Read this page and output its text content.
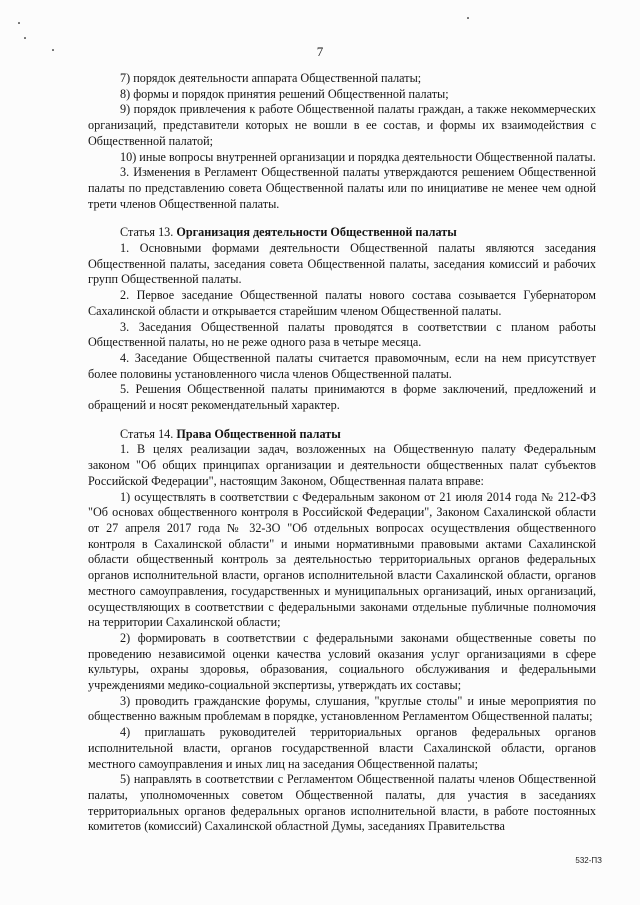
7

7) порядок деятельности аппарата Общественной палаты;

8) формы и порядок принятия решений Общественной палаты;

9) порядок привлечения к работе Общественной палаты граждан, а также некоммерческих организаций, представители которых не вошли в ее состав, и формы их взаимодействия с Общественной палатой;

10) иные вопросы внутренней организации и порядка деятельности Общественной палаты.

3. Изменения в Регламент Общественной палаты утверждаются решением Общественной палаты по представлению совета Общественной палаты или по инициативе не менее чем одной трети членов Общественной палаты.

Статья 13. Организация деятельности Общественной палаты

1. Основными формами деятельности Общественной палаты являются заседания Общественной палаты, заседания совета Общественной палаты, заседания комиссий и рабочих групп Общественной палаты.

2. Первое заседание Общественной палаты нового состава созывается Губернатором Сахалинской области и открывается старейшим членом Общественной палаты.

3. Заседания Общественной палаты проводятся в соответствии с планом работы Общественной палаты, но не реже одного раза в четыре месяца.

4. Заседание Общественной палаты считается правомочным, если на нем присутствует более половины установленного числа членов Общественной палаты.

5. Решения Общественной палаты принимаются в форме заключений, предложений и обращений и носят рекомендательный характер.

Статья 14. Права Общественной палаты

1. В целях реализации задач, возложенных на Общественную палату Федеральным законом "Об общих принципах организации и деятельности общественных палат субъектов Российской Федерации", настоящим Законом, Общественная палата вправе:

1) осуществлять в соответствии с Федеральным законом от 21 июля 2014 года № 212-ФЗ "Об основах общественного контроля в Российской Федерации", Законом Сахалинской области от 27 апреля 2017 года № 32-ЗО "Об отдельных вопросах осуществления общественного контроля в Сахалинской области" и иными нормативными правовыми актами Сахалинской области общественный контроль за деятельностью территориальных органов федеральных органов исполнительной власти, органов исполнительной власти Сахалинской области, органов местного самоуправления, государственных и муниципальных организаций, иных организаций, осуществляющих в соответствии с федеральными законами отдельные публичные полномочия на территории Сахалинской области;

2) формировать в соответствии с федеральными законами общественные советы по проведению независимой оценки качества условий оказания услуг организациями в сфере культуры, охраны здоровья, образования, социального обслуживания и федеральными учреждениями медико-социальной экспертизы, утверждать их составы;

3) проводить гражданские форумы, слушания, "круглые столы" и иные мероприятия по общественно важным проблемам в порядке, установленном Регламентом Общественной палаты;

4) приглашать руководителей территориальных органов федеральных органов исполнительной власти, органов государственной власти Сахалинской области, органов местного самоуправления и иных лиц на заседания Общественной палаты;

5) направлять в соответствии с Регламентом Общественной палаты членов Общественной палаты, уполномоченных советом Общественной палаты, для участия в заседаниях территориальных органов федеральных органов исполнительной власти, в работе постоянных комитетов (комиссий) Сахалинской областной Думы, заседаниях Правительства

532-ПЗ
